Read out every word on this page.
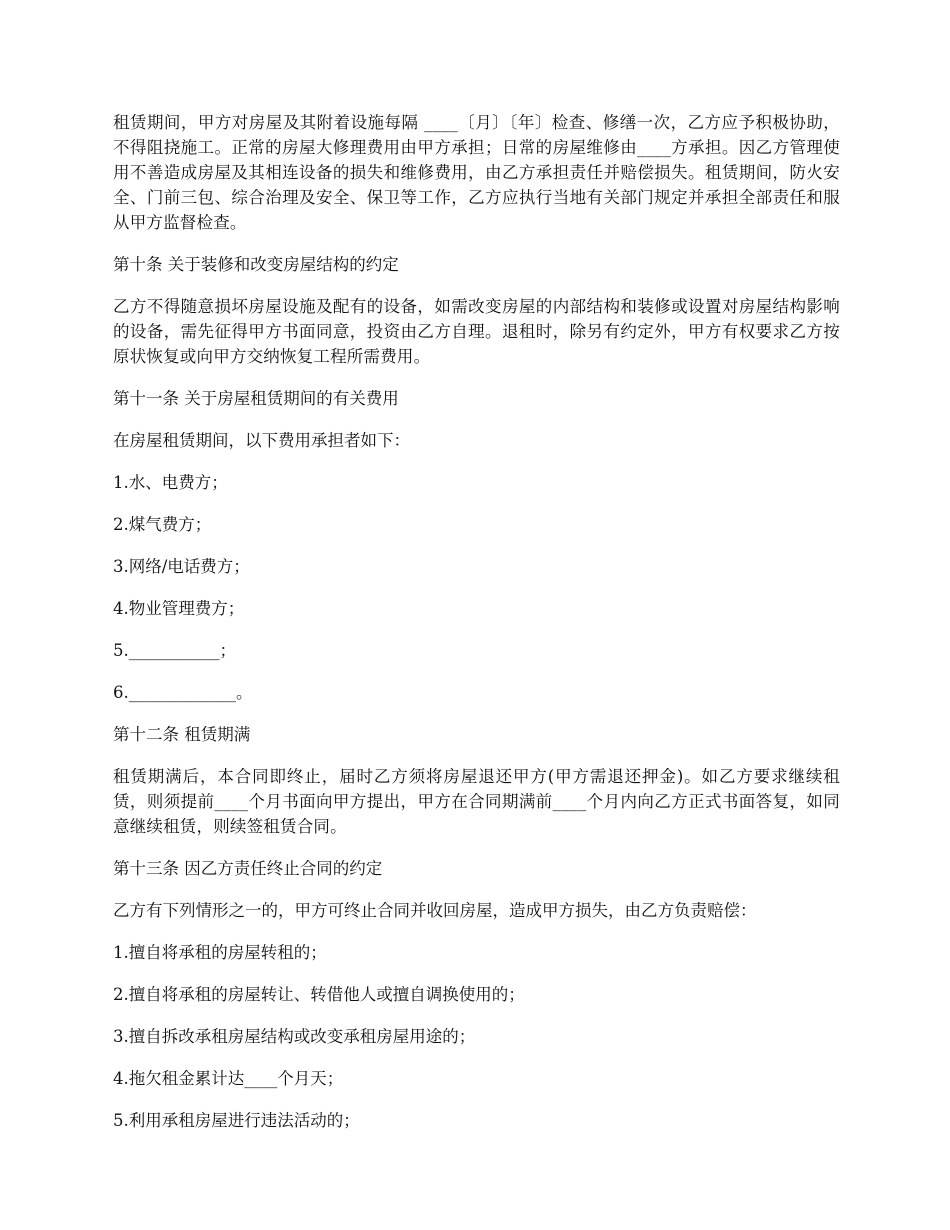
租赁期间，甲方对房屋及其附着设施每隔 ____〔月〕〔年〕检查、修缮一次，乙方应予积极协助，不得阻挠施工。正常的房屋大修理费用由甲方承担；日常的房屋维修由____方承担。因乙方管理使用不善造成房屋及其相连设备的损失和维修费用，由乙方承担责任并赔偿损失。租赁期间，防火安全、门前三包、综合治理及安全、保卫等工作，乙方应执行当地有关部门规定并承担全部责任和服从甲方监督检查。

第十条 关于装修和改变房屋结构的约定

乙方不得随意损坏房屋设施及配有的设备，如需改变房屋的内部结构和装修或设置对房屋结构影响的设备，需先征得甲方书面同意，投资由乙方自理。退租时，除另有约定外，甲方有权要求乙方按原状恢复或向甲方交纳恢复工程所需费用。

第十一条 关于房屋租赁期间的有关费用

在房屋租赁期间，以下费用承担者如下：

1.水、电费方；

2.煤气费方；

3.网络/电话费方；

4.物业管理费方；

5.___________；

6._____________。

第十二条 租赁期满

租赁期满后，本合同即终止，届时乙方须将房屋退还甲方(甲方需退还押金)。如乙方要求继续租赁，则须提前____个月书面向甲方提出，甲方在合同期满前____个月内向乙方正式书面答复，如同意继续租赁，则续签租赁合同。

第十三条 因乙方责任终止合同的约定

乙方有下列情形之一的，甲方可终止合同并收回房屋，造成甲方损失，由乙方负责赔偿：

1.擅自将承租的房屋转租的；

2.擅自将承租的房屋转让、转借他人或擅自调换使用的；

3.擅自拆改承租房屋结构或改变承租房屋用途的；

4.拖欠租金累计达____个月天；

5.利用承租房屋进行违法活动的；
